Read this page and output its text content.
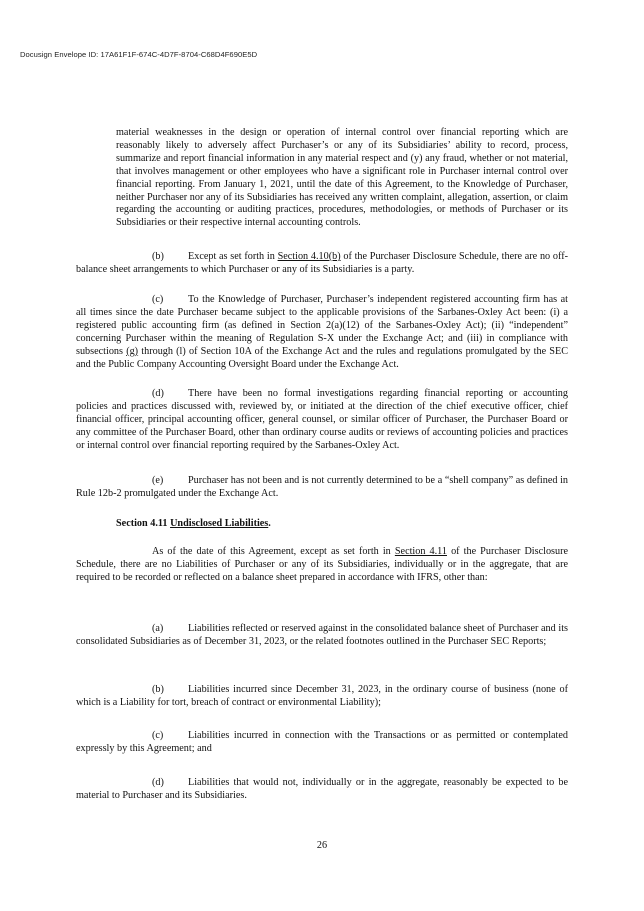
Docusign Envelope ID: 17A61F1F-674C-4D7F-8704-C68D4F690E5D
material weaknesses in the design or operation of internal control over financial reporting which are reasonably likely to adversely affect Purchaser’s or any of its Subsidiaries’ ability to record, process, summarize and report financial information in any material respect and (y) any fraud, whether or not material, that involves management or other employees who have a significant role in Purchaser internal control over financial reporting. From January 1, 2021, until the date of this Agreement, to the Knowledge of Purchaser, neither Purchaser nor any of its Subsidiaries has received any written complaint, allegation, assertion, or claim regarding the accounting or auditing practices, procedures, methodologies, or methods of Purchaser or its Subsidiaries or their respective internal accounting controls.
(b) Except as set forth in Section 4.10(b) of the Purchaser Disclosure Schedule, there are no off-balance sheet arrangements to which Purchaser or any of its Subsidiaries is a party.
(c) To the Knowledge of Purchaser, Purchaser’s independent registered accounting firm has at all times since the date Purchaser became subject to the applicable provisions of the Sarbanes-Oxley Act been: (i) a registered public accounting firm (as defined in Section 2(a)(12) of the Sarbanes-Oxley Act); (ii) “independent” concerning Purchaser within the meaning of Regulation S-X under the Exchange Act; and (iii) in compliance with subsections (g) through (l) of Section 10A of the Exchange Act and the rules and regulations promulgated by the SEC and the Public Company Accounting Oversight Board under the Exchange Act.
(d) There have been no formal investigations regarding financial reporting or accounting policies and practices discussed with, reviewed by, or initiated at the direction of the chief executive officer, chief financial officer, principal accounting officer, general counsel, or similar officer of Purchaser, the Purchaser Board or any committee of the Purchaser Board, other than ordinary course audits or reviews of accounting policies and practices or internal control over financial reporting required by the Sarbanes-Oxley Act.
(e) Purchaser has not been and is not currently determined to be a “shell company” as defined in Rule 12b-2 promulgated under the Exchange Act.
Section 4.11 Undisclosed Liabilities.
As of the date of this Agreement, except as set forth in Section 4.11 of the Purchaser Disclosure Schedule, there are no Liabilities of Purchaser or any of its Subsidiaries, individually or in the aggregate, that are required to be recorded or reflected on a balance sheet prepared in accordance with IFRS, other than:
(a) Liabilities reflected or reserved against in the consolidated balance sheet of Purchaser and its consolidated Subsidiaries as of December 31, 2023, or the related footnotes outlined in the Purchaser SEC Reports;
(b) Liabilities incurred since December 31, 2023, in the ordinary course of business (none of which is a Liability for tort, breach of contract or environmental Liability);
(c) Liabilities incurred in connection with the Transactions or as permitted or contemplated expressly by this Agreement; and
(d) Liabilities that would not, individually or in the aggregate, reasonably be expected to be material to Purchaser and its Subsidiaries.
26
